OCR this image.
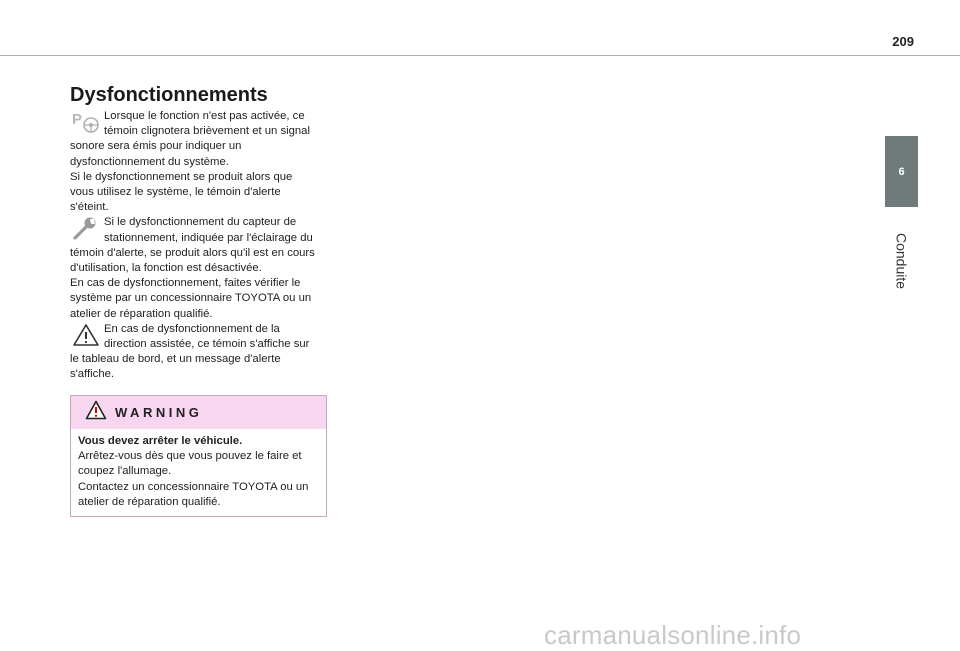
209
6
Conduite
Dysfonctionnements

P	Lorsque le fonction n'est pas activée, ce
témoin clignotera brièvement et un signal
sonore sera émis pour indiquer un
dysfonctionnement du système.
Si le dysfonctionnement se produit alors que
vous utilisez le système, le témoin d'alerte
s'éteint.

Si le dysfonctionnement du capteur de
stationnement, indiquée par l'éclairage du
témoin d'alerte, se produit alors qu'il est en cours
d'utilisation, la fonction est désactivée.
En cas de dysfonctionnement, faites vérifier le
système par un concessionnaire TOYOTA ou un
atelier de réparation qualifié.

En cas de dysfonctionnement de la
direction assistée, ce témoin s'affiche sur
le tableau de bord, et un message d'alerte
s'affiche.

WARNING
Vous devez arrêter le véhicule.
Arrêtez-vous dès que vous pouvez le faire et
coupez l'allumage.
Contactez un concessionnaire TOYOTA ou un
atelier de réparation qualifié.
carmanualsonline.info
